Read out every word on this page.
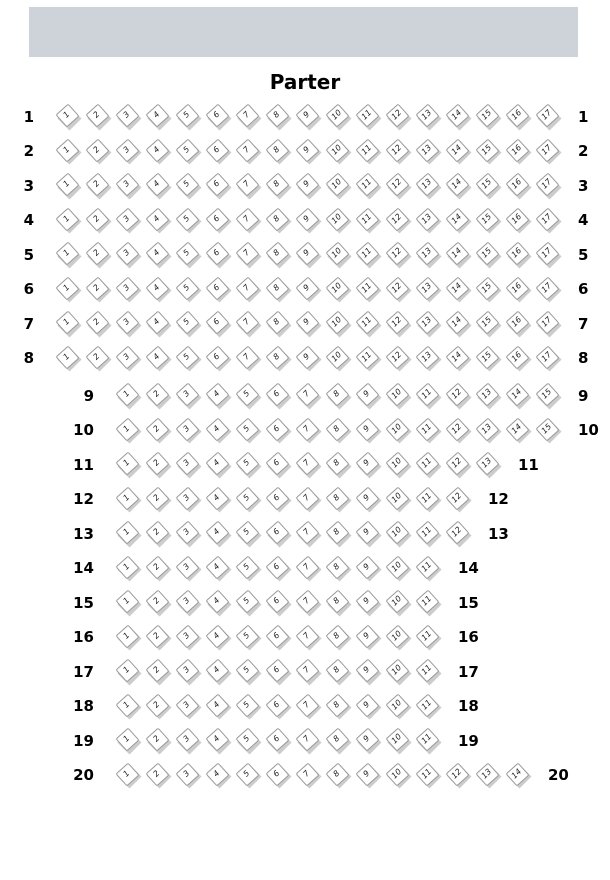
Parter
1	1	2	3	4	5	6	7	8	9	10	11	12	13	14	15	16	17	1
2	1	2	3	4	5	6	7	8	9	10	11	12	13	14	15	16	17	2
3	1	2	3	4	5	6	7	8	9	10	11	12	13	14	15	16	17	3
4	1	2	3	4	5	6	7	8	9	10	11	12	13	14	15	16	17	4
5	1	2	3	4	5	6	7	8	9	10	11	12	13	14	15	16	17	5
6	1	2	3	4	5	6	7	8	9	10	11	12	13	14	15	16	17	6
7	1	2	3	4	5	6	7	8	9	10	11	12	13	14	15	16	17	7
8	1	2	3	4	5	6	7	8	9	10	11	12	13	14	15	16	17	8
9	1	2	3	4	5	6	7	8	9	10	11	12	13	14	15	9
10	1	2	3	4	5	6	7	8	9	10	11	12	13	14	15	10
11	1	2	3	4	5	6	7	8	9	10	11	12	13	11
12	1	2	3	4	5	6	7	8	9	10	11	12	12
13	1	2	3	4	5	6	7	8	9	10	11	12	13
14	1	2	3	4	5	6	7	8	9	10	11	14
15	1	2	3	4	5	6	7	8	9	10	11	15
16	1	2	3	4	5	6	7	8	9	10	11	16
17	1	2	3	4	5	6	7	8	9	10	11	17
18	1	2	3	4	5	6	7	8	9	10	11	18
19	1	2	3	4	5	6	7	8	9	10	11	19
20	1	2	3	4	5	6	7	8	9	10	11	12	13	14	20
